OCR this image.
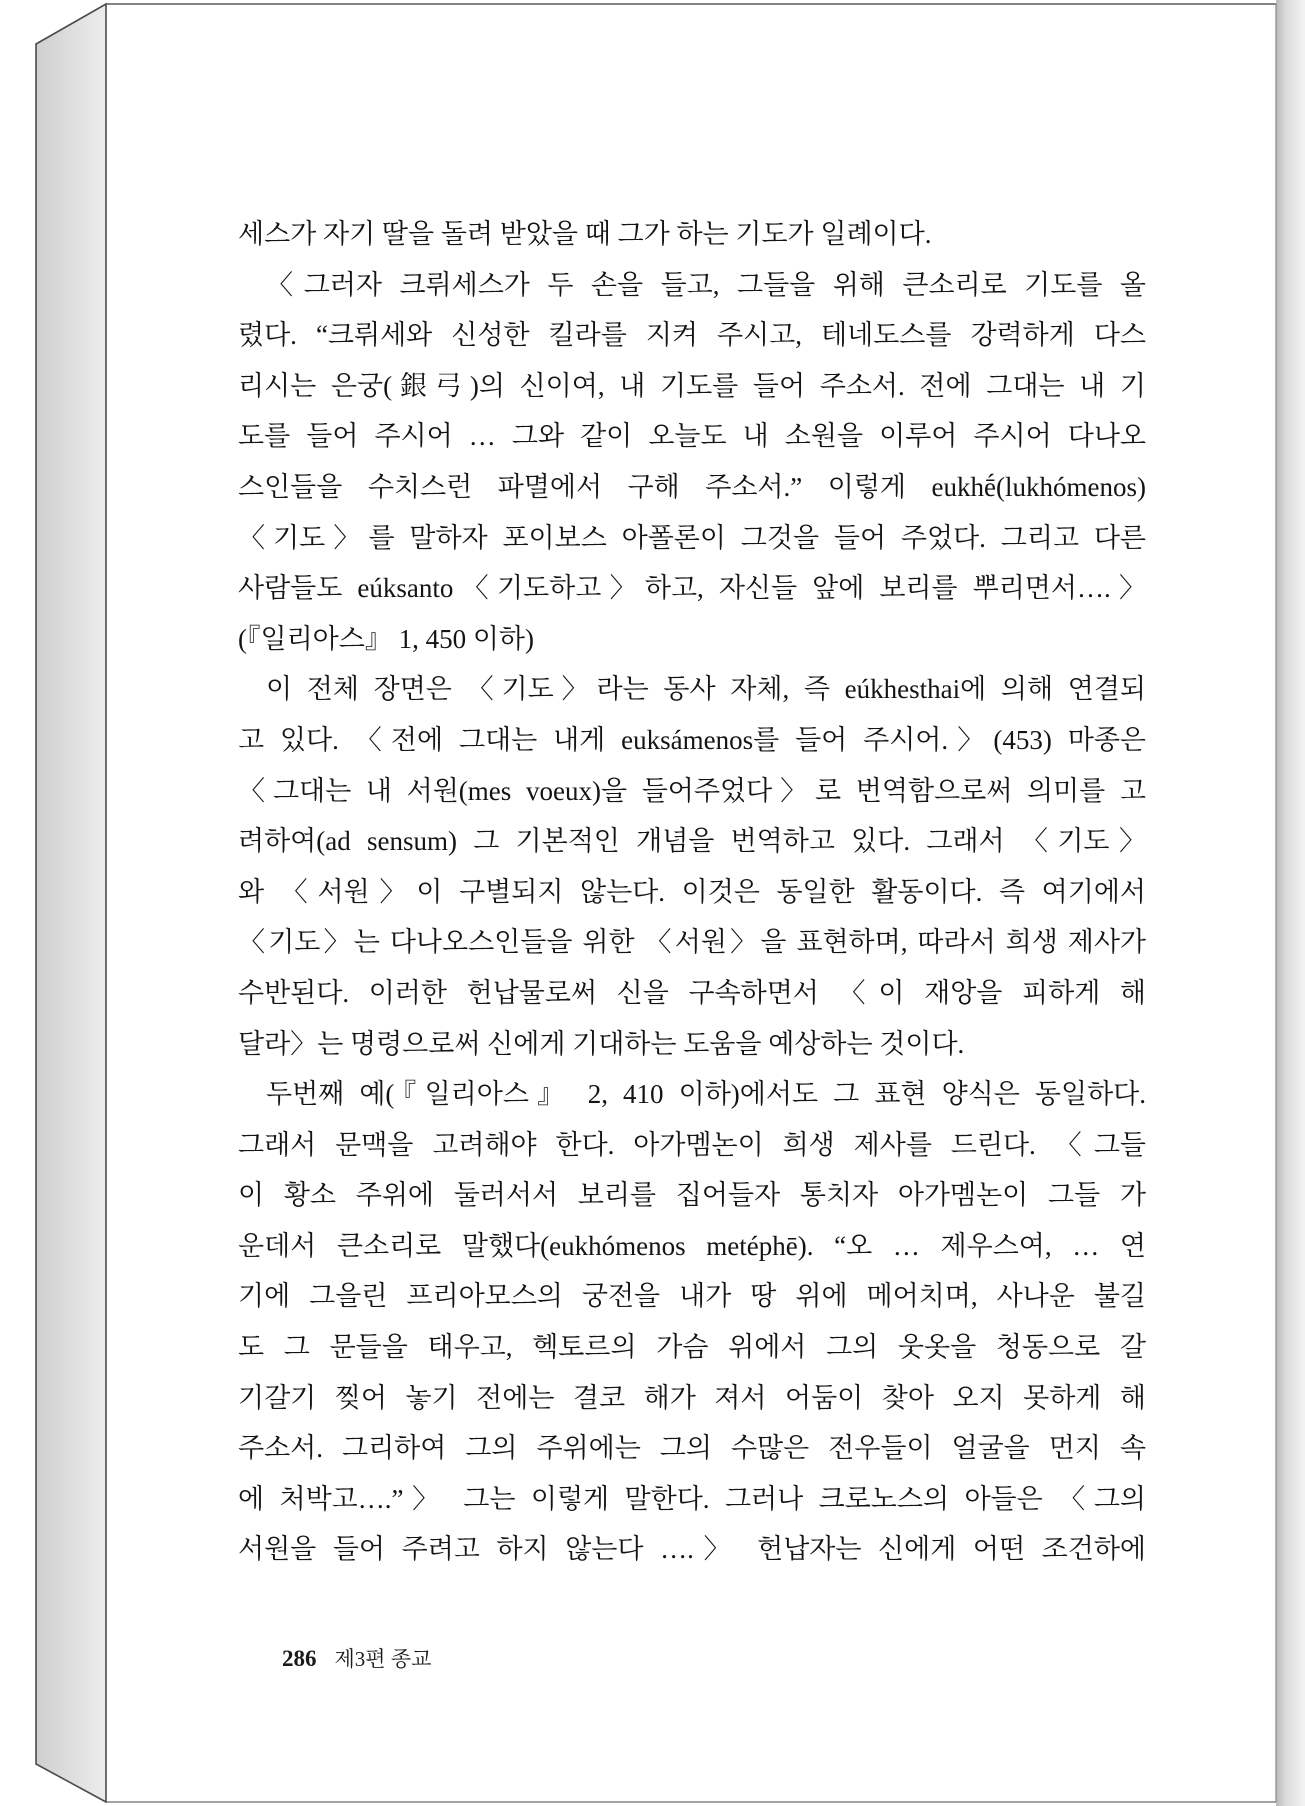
세스가 자기 딸을 돌려 받았을 때 그가 하는 기도가 일례이다.
〈그러자 크뤼세스가 두 손을 들고, 그들을 위해 큰소리로 기도를 올
렸다. “크뤼세와 신성한 킬라를 지켜 주시고, 테네도스를 강력하게 다스
리시는 은궁(銀弓)의 신이여, 내 기도를 들어 주소서. 전에 그대는 내 기
도를 들어 주시어 … 그와 같이 오늘도 내 소원을 이루어 주시어 다나오
스인들을 수치스런 파멸에서 구해 주소서.” 이렇게 eukhḗ(lukhómenos)
〈기도〉를 말하자 포이보스 아폴론이 그것을 들어 주었다. 그리고 다른
사람들도 eúksanto〈기도하고〉하고, 자신들 앞에 보리를 뿌리면서….〉
(『일리아스』 1, 450 이하)
이 전체 장면은 〈기도〉라는 동사 자체, 즉 eúkhesthai에 의해 연결되
고 있다. 〈전에 그대는 내게 euksámenos를 들어 주시어.〉(453) 마종은
〈그대는 내 서원(mes voeux)을 들어주었다〉로 번역함으로써 의미를 고
려하여(ad sensum) 그 기본적인 개념을 번역하고 있다. 그래서 〈기도〉
와 〈서원〉이 구별되지 않는다. 이것은 동일한 활동이다. 즉 여기에서
〈기도〉는 다나오스인들을 위한 〈서원〉을 표현하며, 따라서 희생 제사가
수반된다. 이러한 헌납물로써 신을 구속하면서 〈이 재앙을 피하게 해
달라〉는 명령으로써 신에게 기대하는 도움을 예상하는 것이다.
두번째 예(『일리아스』 2, 410 이하)에서도 그 표현 양식은 동일하다.
그래서 문맥을 고려해야 한다. 아가멤논이 희생 제사를 드린다. 〈그들
이 황소 주위에 둘러서서 보리를 집어들자 통치자 아가멤논이 그들 가
운데서 큰소리로 말했다(eukhómenos metéphē). “오 … 제우스여, … 연
기에 그을린 프리아모스의 궁전을 내가 땅 위에 메어치며, 사나운 불길
도 그 문들을 태우고, 헥토르의 가슴 위에서 그의 웃옷을 청동으로 갈
기갈기 찢어 놓기 전에는 결코 해가 져서 어둠이 찾아 오지 못하게 해
주소서. 그리하여 그의 주위에는 그의 수많은 전우들이 얼굴을 먼지 속
에 처박고….”〉 그는 이렇게 말한다. 그러나 크로노스의 아들은 〈그의
서원을 들어 주려고 하지 않는다 ….〉 헌납자는 신에게 어떤 조건하에
286 제3편 종교
